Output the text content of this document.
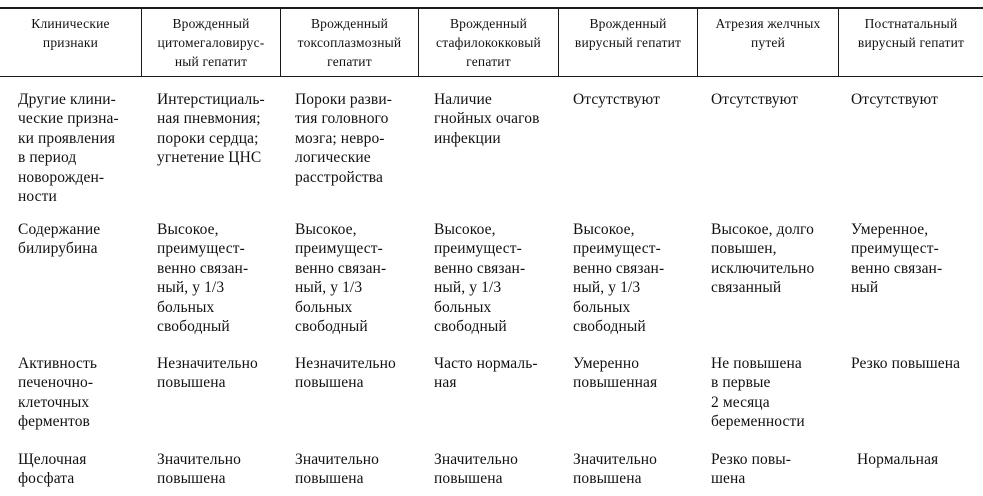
Клинические
признаки
Врожденный
цитомегаловирус-
ный гепатит
Врожденный
токсоплазмозный
гепатит
Врожденный
стафилококковый
гепатит
Врожденный
вирусный гепатит
Атрезия желчных
путей
Постнатальный
вирусный гепатит
Другие клини-
ческие призна-
ки проявления
в период
новорожден-
ности
Интерстициаль-
ная пневмония;
пороки сердца;
угнетение ЦНС
Пороки разви-
тия головного
мозга; невро-
логические
расстройства
Наличие
гнойных очагов
инфекции
Отсутствуют	Отсутствуют	Отсутствуют
Содержание
билирубина
Высокое,
преимущест-
венно связан-
ный, у 1/3
больных
свободный
Высокое,
преимущест-
венно связан-
ный, у 1/3
больных
свободный
Высокое,
преимущест-
венно связан-
ный, у 1/3
больных
свободный
Высокое,
преимущест-
венно связан-
ный, у 1/3
больных
свободный
Высокое, долго
повышен,
исключительно
связанный
Умеренное,
преимущест-
венно связан-
ный
Активность
печеночно-
клеточных
ферментов
Незначительно
повышена
Незначительно
повышена
Часто нормаль-
ная
Умеренно
повышенная
Не повышена
в первые
2 месяца
беременности
Резко повышена
Щелочная
фосфата
Значительно
повышена
Значительно
повышена
Значительно
повышена
Значительно
повышена
Резко повы-
шена
Нормальная
